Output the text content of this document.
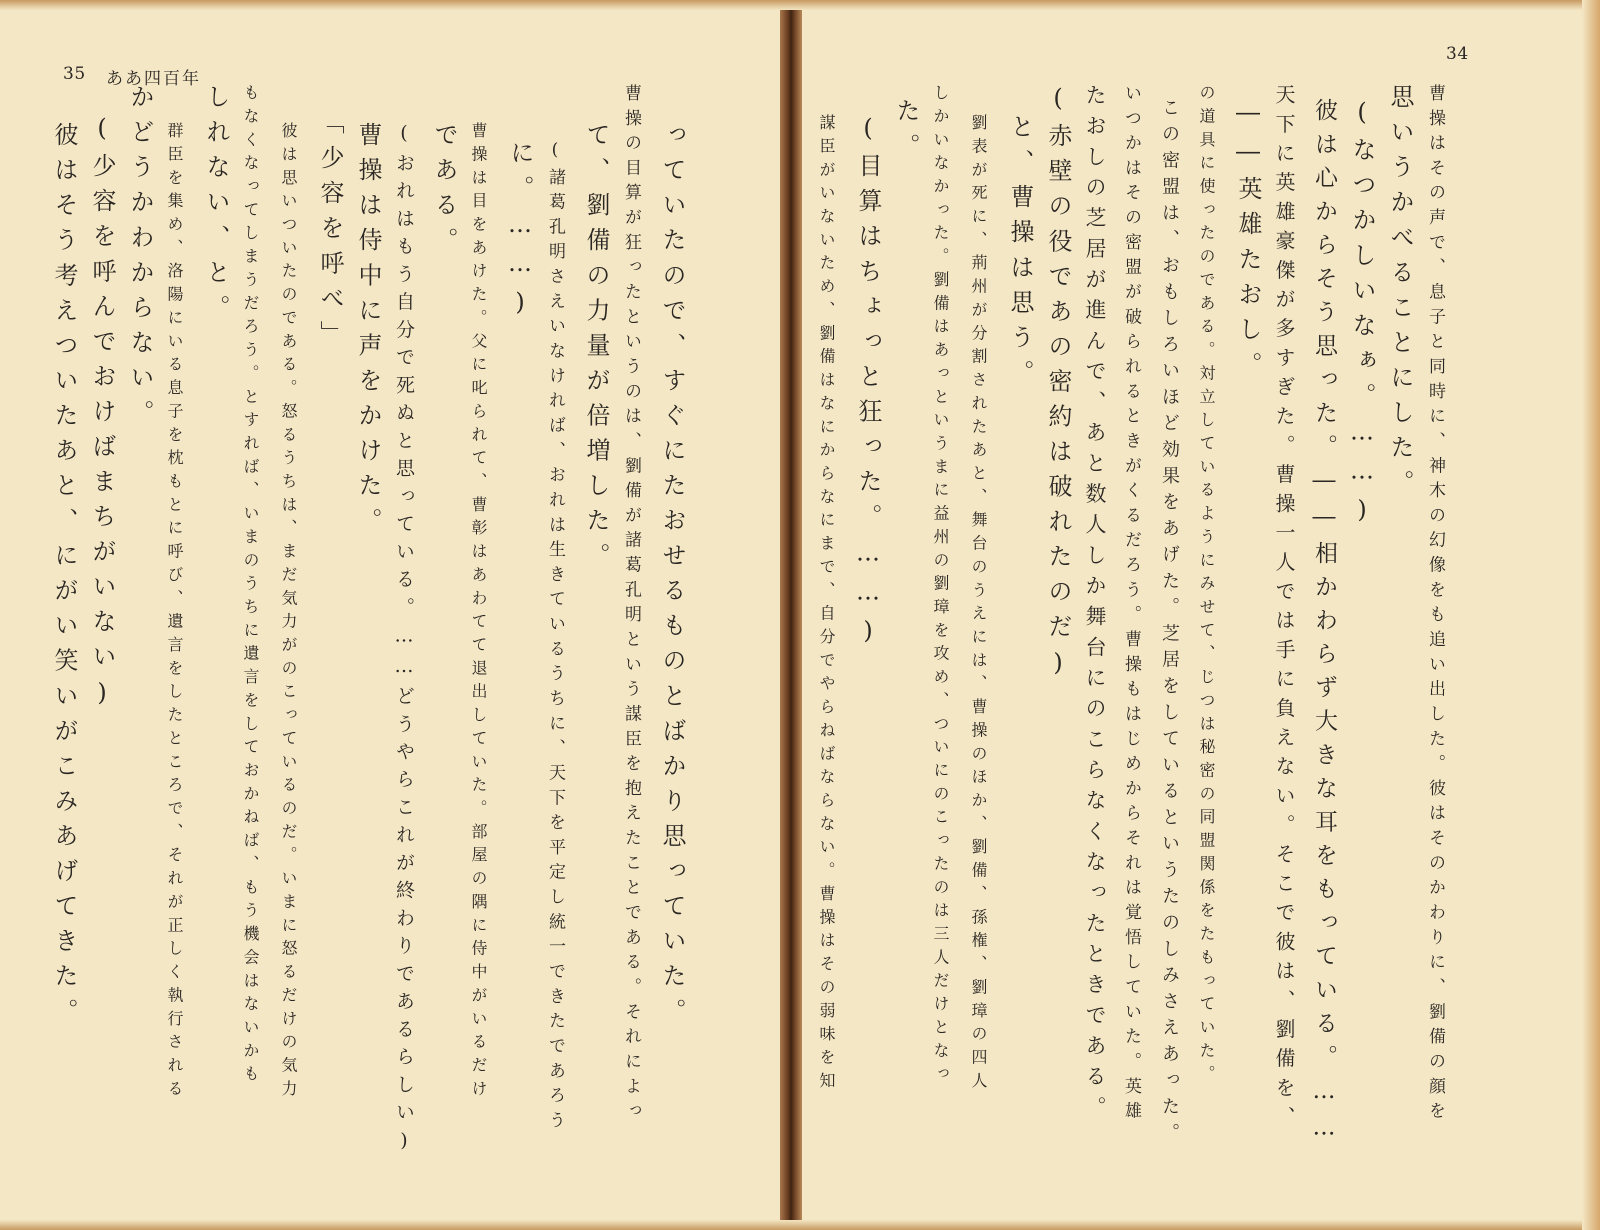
35 ああ四百年
っていたので、すぐにたおせるものとばかり思っていた。
曹操の目算が狂ったというのは、劉備が諸葛孔明という謀臣を抱えたことである。それによっ
て、劉備の力量が倍増した。
(諸葛孔明さえいなければ、おれは生きているうちに、天下を平定し統一できたであろう
に。……)
曹操は目をあけた。父に叱られて、曹彰はあわてて退出していた。部屋の隅に侍中がいるだけ
である。
(おれはもう自分で死ぬと思っている。……どうやらこれが終わりであるらしい)
曹操は侍中に声をかけた。
「少容を呼べ」
彼は思いついたのである。怒るうちは、まだ気力がのこっているのだ。いまに怒るだけの気力
もなくなってしまうだろう。とすれば、いまのうちに遺言をしておかねば、もう機会はないかも
しれない、と。
群臣を集め、洛陽にいる息子を枕もとに呼び、遺言をしたところで、それが正しく執行される
かどうかわからない。
(少容を呼んでおけばまちがいない)
彼はそう考えついたあと、にがい笑いがこみあげてきた。
34
曹操はその声で、息子と同時に、神木の幻像をも追い出した。彼はそのかわりに、劉備の顔を
思いうかべることにした。
(なつかしいなぁ。……)
彼は心からそう思った。――相かわらず大きな耳をもっている。……
天下に英雄豪傑が多すぎた。曹操一人では手に負えない。そこで彼は、劉備を、
――英雄たおし。
の道具に使ったのである。対立しているようにみせて、じつは秘密の同盟関係をたもっていた。
この密盟は、おもしろいほど効果をあげた。芝居をしているというたのしみさえあった。
いつかはその密盟が破られるときがくるだろう。曹操もはじめからそれは覚悟していた。英雄
たおしの芝居が進んで、あと数人しか舞台にのこらなくなったときである。
(赤壁の役であの密約は破れたのだ)
と、曹操は思う。
劉表が死に、荊州が分割されたあと、舞台のうえには、曹操のほか、劉備、孫権、劉璋の四人
しかいなかった。劉備はあっというまに益州の劉璋を攻め、ついにのこったのは三人だけとなっ
た。
(目算はちょっと狂った。……)
謀臣がいないため、劉備はなにからなにまで、自分でやらねばならない。曹操はその弱味を知
